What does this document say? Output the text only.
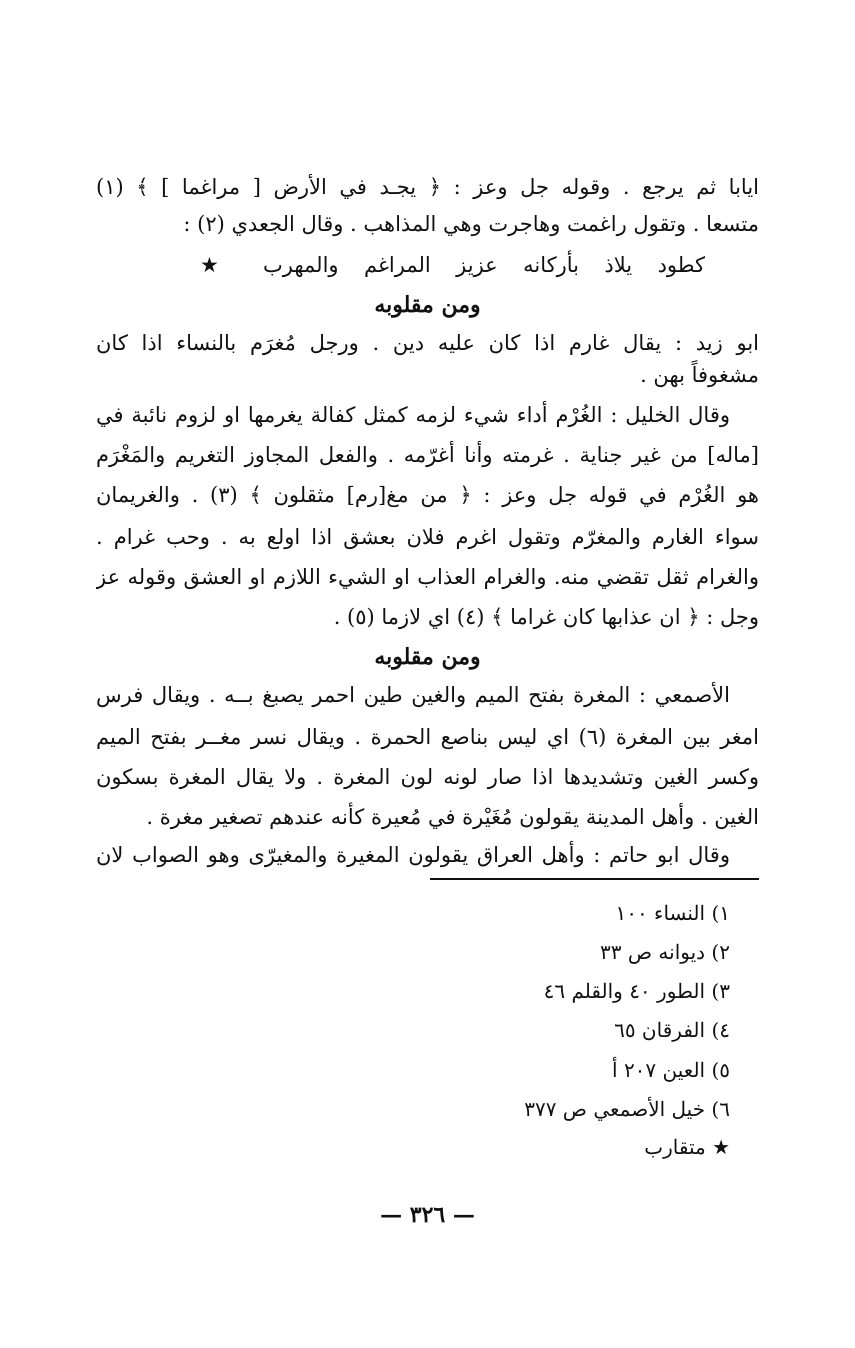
ايابا ثم يرجع . وقوله جل وعز : ﴿ يجـد في الأرض [ مراغما ] ﴾ (١)
متسعا . وتقول راغمت وهاجرت وهي المذاهب . وقال الجعدي (٢) :
كطود يلاذ بأركانه عزيز المراغم والمهرب ★
ومن مقلوبه
ابو زيد : يقال غارم اذا كان عليه دين . ورجل مُغرَم بالنساء اذا كان
مشغوفاً بهن .
وقال الخليل : الغُرْم أداء شيء لزمه كمثل كفالة يغرمها او لزوم نائبة في
[ماله] من غير جناية . غرمته وأنا أغرّمه . والفعل المجاوز التغريم والمَغْرَم
هو الغُرْم في قوله جل وعز : ﴿ من مغ[رم] مثقلون ﴾ (٣) . والغريمان
سواء الغارم والمغرّم وتقول اغرم فلان بعشق اذا اولع به . وحب غرام .
والغرام ثقل تقضي منه. والغرام العذاب او الشيء اللازم او العشق وقوله عز
وجل : ﴿ ان عذابها كان غراما ﴾ (٤) اي لازما (٥) .
ومن مقلوبه
الأصمعي : المغرة بفتح الميم والغين طين احمر يصبغ بــه . ويقال فرس
امغر بين المغرة (٦) اي ليس بناصع الحمرة . ويقال نسر مغــر بفتح الميم
وكسر الغين وتشديدها اذا صار لونه لون المغرة . ولا يقال المغرة بسكون
الغين . وأهل المدينة يقولون مُغَيْرة في مُعيرة كأنه عندهم تصغير مغرة .
وقال ابو حاتم : وأهل العراق يقولون المغيرة والمغيرّى وهو الصواب لان
١) النساء ١٠٠
٢) ديوانه ص ٣٣
٣) الطور ٤٠ والقلم ٤٦
٤) الفرقان ٦٥
٥) العين ٢٠٧ أ
٦) خيل الأصمعي ص ٣٧٧
★ متقارب
— ٣٢٦ —
